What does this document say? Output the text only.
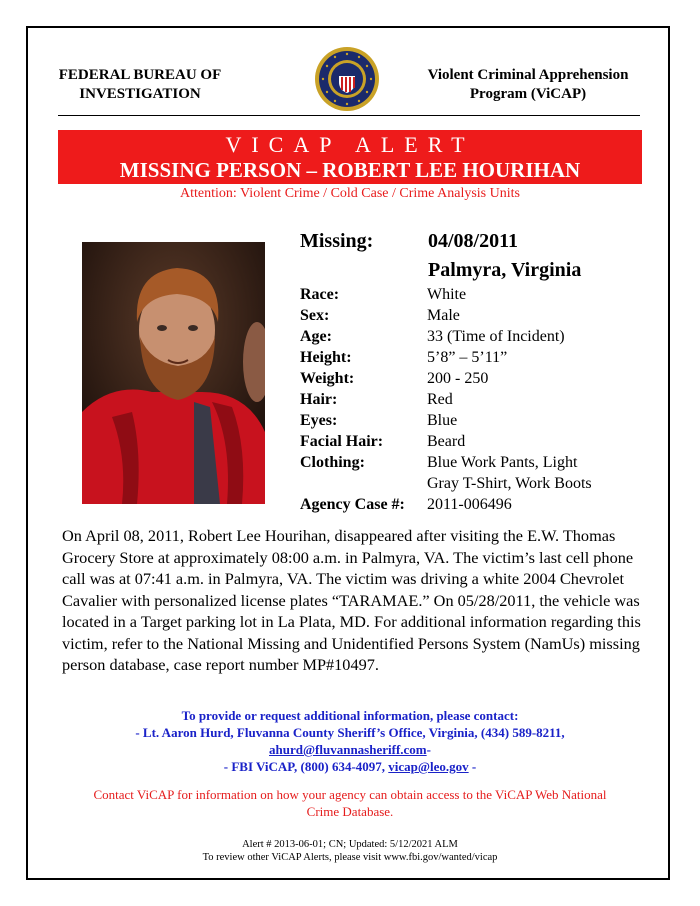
FEDERAL BUREAU OF
INVESTIGATION
Violent Criminal Apprehension
Program (ViCAP)
VICAP ALERT
MISSING PERSON – ROBERT LEE HOURIHAN
Attention: Violent Crime / Cold Case / Crime Analysis Units
Missing:	04/08/2011
Palmyra, Virginia
Race:	White
Sex:	Male
Age:	33 (Time of Incident)
Height:	5’8” – 5’11”
Weight:	200 - 250
Hair:	Red
Eyes:	Blue
Facial Hair:	Beard
Clothing:	Blue Work Pants, Light
Gray T-Shirt, Work Boots
Agency Case #: 2011-006496
On April 08, 2011, Robert Lee Hourihan, disappeared after visiting the E.W. Thomas Grocery Store at approximately 08:00 a.m. in Palmyra, VA. The victim’s last cell phone call was at 07:41 a.m. in Palmyra, VA. The victim was driving a white 2004 Chevrolet Cavalier with personalized license plates “TARAMAE.” On 05/28/2011, the vehicle was located in a Target parking lot in La Plata, MD. For additional information regarding this victim, refer to the National Missing and Unidentified Persons System (NamUs) missing person database, case report number MP#10497.
To provide or request additional information, please contact:
- Lt. Aaron Hurd, Fluvanna County Sheriff’s Office, Virginia, (434) 589-8211,
ahurd@fluvannasheriff.com-
- FBI ViCAP, (800) 634-4097, vicap@leo.gov -
Contact ViCAP for information on how your agency can obtain access to the ViCAP Web National Crime Database.
Alert # 2013-06-01; CN; Updated: 5/12/2021 ALM
To review other ViCAP Alerts, please visit www.fbi.gov/wanted/vicap
